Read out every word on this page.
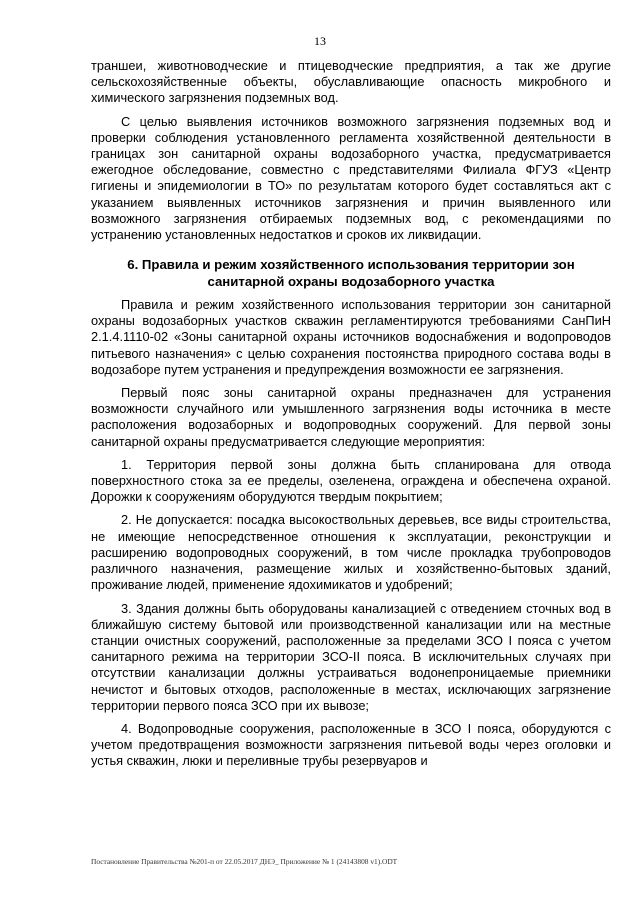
13

траншеи, животноводческие и птицеводческие предприятия, а так же другие сельскохозяйственные объекты, обуславливающие опасность микробного и химического загрязнения подземных вод.

С целью выявления источников возможного загрязнения подземных вод и проверки соблюдения установленного регламента хозяйственной деятельности в границах зон санитарной охраны водозаборного участка, предусматривается ежегодное обследование, совместно с представителями Филиала ФГУЗ «Центр гигиены и эпидемиологии в ТО» по результатам которого будет составляться акт с указанием выявленных источников загрязнения и причин выявленного или возможного загрязнения отбираемых подземных вод, с рекомендациями по устранению установленных недостатков и сроков их ликвидации.

6. Правила и режим хозяйственного использования территории зон санитарной охраны водозаборного участка

Правила и режим хозяйственного использования территории зон санитарной охраны водозаборных участков скважин регламентируются требованиями СанПиН 2.1.4.1110-02 «Зоны санитарной охраны источников водоснабжения и водопроводов питьевого назначения» с целью сохранения постоянства природного состава воды в водозаборе путем устранения и предупреждения возможности ее загрязнения.

Первый пояс зоны санитарной охраны предназначен для устранения возможности случайного или умышленного загрязнения воды источника в месте расположения водозаборных и водопроводных сооружений. Для первой зоны санитарной охраны предусматривается следующие мероприятия:

1. Территория первой зоны должна быть спланирована для отвода поверхностного стока за ее пределы, озеленена, ограждена и обеспечена охраной. Дорожки к сооружениям оборудуются твердым покрытием;

2. Не допускается: посадка высокоствольных деревьев, все виды строительства, не имеющие непосредственное отношения к эксплуатации, реконструкции и расширению водопроводных сооружений, в том числе прокладка трубопроводов различного назначения, размещение жилых и хозяйственно-бытовых зданий, проживание людей, применение ядохимикатов и удобрений;

3. Здания должны быть оборудованы канализацией с отведением сточных вод в ближайшую систему бытовой или производственной канализации или на местные станции очистных сооружений, расположенные за пределами ЗСО I пояса с учетом санитарного режима на территории ЗСО-II пояса. В исключительных случаях при отсутствии канализации должны устраиваться водонепроницаемые приемники нечистот и бытовых отходов, расположенные в местах, исключающих загрязнение территории первого пояса ЗСО при их вывозе;

4. Водопроводные сооружения, расположенные в ЗСО I пояса, оборудуются с учетом предотвращения возможности загрязнения питьевой воды через оголовки и устья скважин, люки и переливные трубы резервуаров и

Постановление Правительства №201-п от 22.05.2017 ДНЭ_ Приложение № 1 (24143808 v1).ODT
